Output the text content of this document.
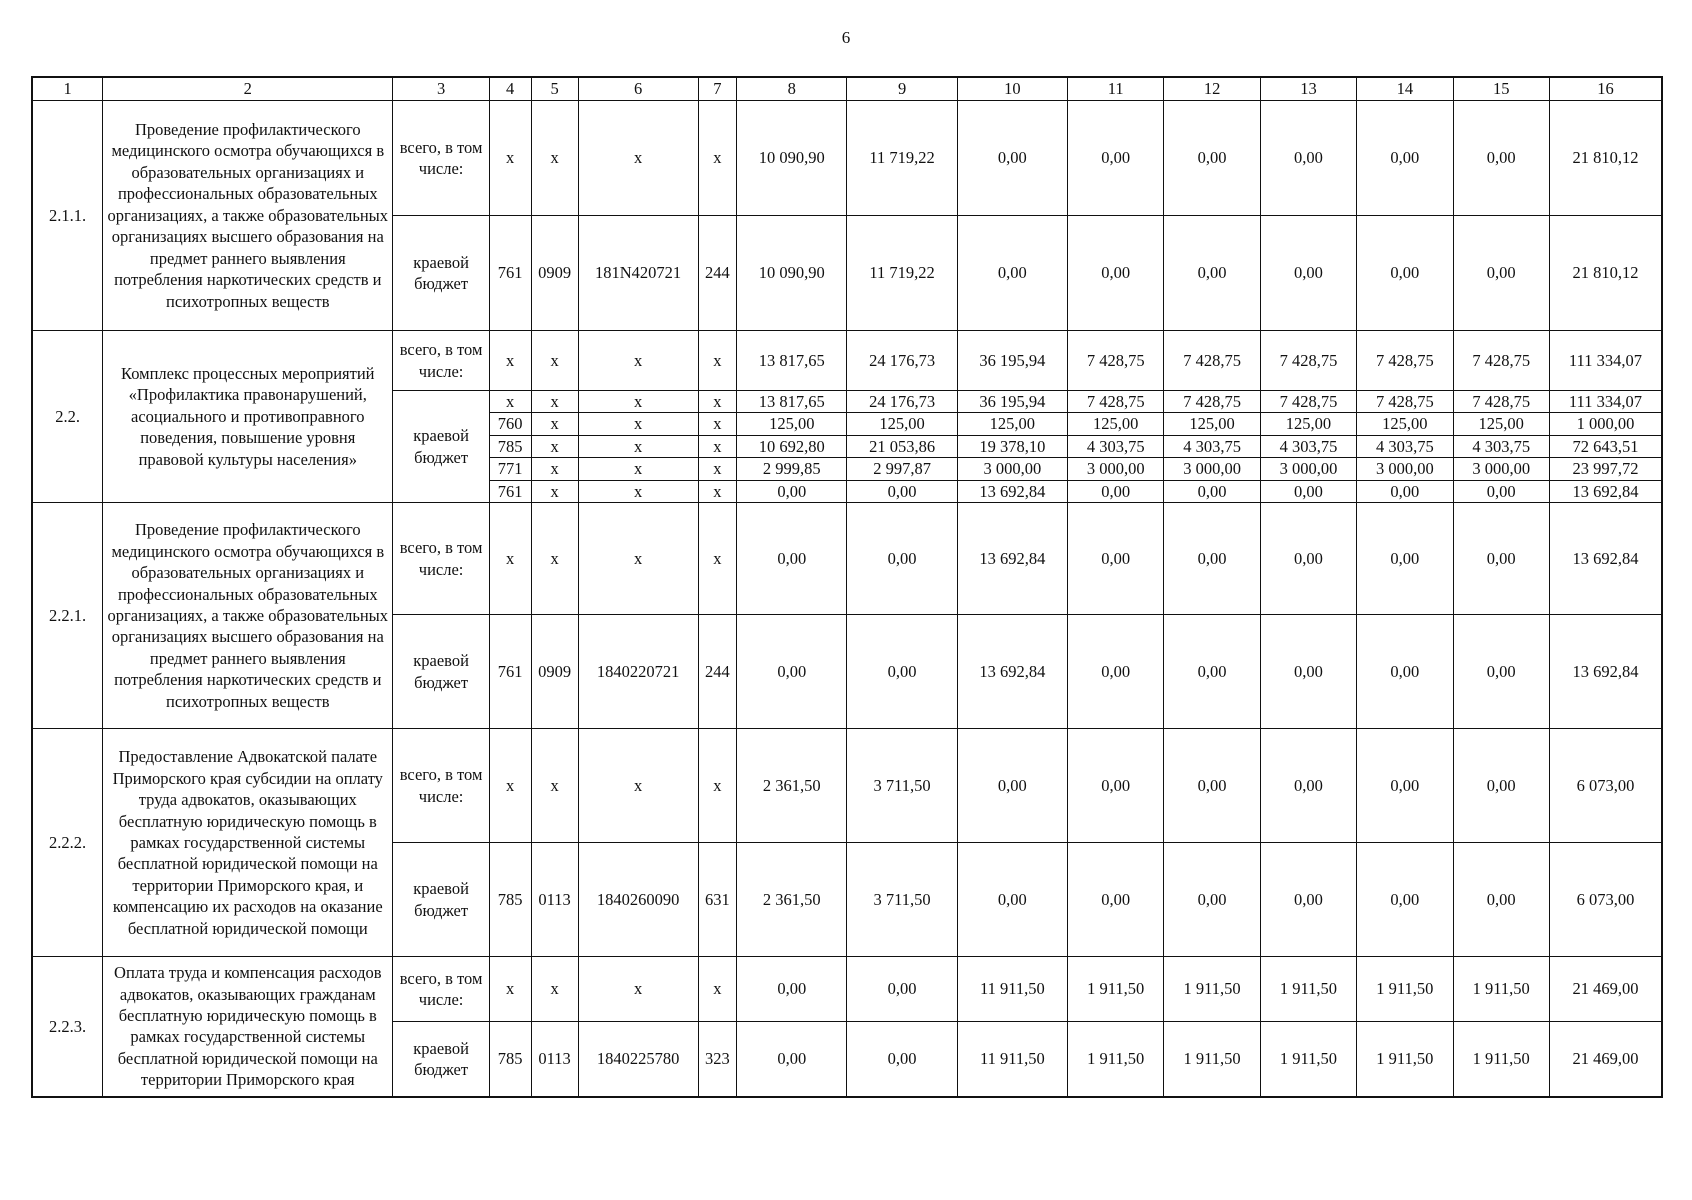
6
1	2	3	4	5	6	7	8	9	10	11	12	13	14	15	16
2.1.1.	Проведение профилактического медицинского осмотра обучающихся в образовательных организациях и профессиональных образовательных организациях, а также образовательных организациях высшего образования на предмет раннего выявления потребления наркотических средств и психотропных веществ	всего, в том числе:	x	x	x	x	10 090,90	11 719,22	0,00	0,00	0,00	0,00	0,00	0,00	21 810,12
		краевой бюджет	761	0909	181N420721	244	10 090,90	11 719,22	0,00	0,00	0,00	0,00	0,00	0,00	21 810,12
2.2.	Комплекс процессных мероприятий «Профилактика правонарушений, асоциального и противоправного поведения, повышение уровня правовой культуры населения»	всего, в том числе:	x	x	x	x	13 817,65	24 176,73	36 195,94	7 428,75	7 428,75	7 428,75	7 428,75	7 428,75	111 334,07
		краевой бюджет	x	x	x	x	13 817,65	24 176,73	36 195,94	7 428,75	7 428,75	7 428,75	7 428,75	7 428,75	111 334,07
			760	x	x	x	125,00	125,00	125,00	125,00	125,00	125,00	125,00	125,00	1 000,00
			785	x	x	x	10 692,80	21 053,86	19 378,10	4 303,75	4 303,75	4 303,75	4 303,75	4 303,75	72 643,51
			771	x	x	x	2 999,85	2 997,87	3 000,00	3 000,00	3 000,00	3 000,00	3 000,00	3 000,00	23 997,72
			761	x	x	x	0,00	0,00	13 692,84	0,00	0,00	0,00	0,00	0,00	13 692,84
2.2.1.	Проведение профилактического медицинского осмотра обучающихся в образовательных организациях и профессиональных образовательных организациях, а также образовательных организациях высшего образования на предмет раннего выявления потребления наркотических средств и психотропных веществ	всего, в том числе:	x	x	x	x	0,00	0,00	13 692,84	0,00	0,00	0,00	0,00	0,00	13 692,84
		краевой бюджет	761	0909	1840220721	244	0,00	0,00	13 692,84	0,00	0,00	0,00	0,00	0,00	13 692,84
2.2.2.	Предоставление Адвокатской палате Приморского края субсидии на оплату труда адвокатов, оказывающих бесплатную юридическую помощь в рамках государственной системы бесплатной юридической помощи на территории Приморского края, и компенсацию их расходов на оказание бесплатной юридической помощи	всего, в том числе:	x	x	x	x	2 361,50	3 711,50	0,00	0,00	0,00	0,00	0,00	0,00	6 073,00
		краевой бюджет	785	0113	1840260090	631	2 361,50	3 711,50	0,00	0,00	0,00	0,00	0,00	0,00	6 073,00
2.2.3.	Оплата труда и компенсация расходов адвокатов, оказывающих гражданам бесплатную юридическую помощь в рамках государственной системы бесплатной юридической помощи на территории Приморского края	всего, в том числе:	x	x	x	x	0,00	0,00	11 911,50	1 911,50	1 911,50	1 911,50	1 911,50	1 911,50	21 469,00
		краевой бюджет	785	0113	1840225780	323	0,00	0,00	11 911,50	1 911,50	1 911,50	1 911,50	1 911,50	1 911,50	21 469,00
